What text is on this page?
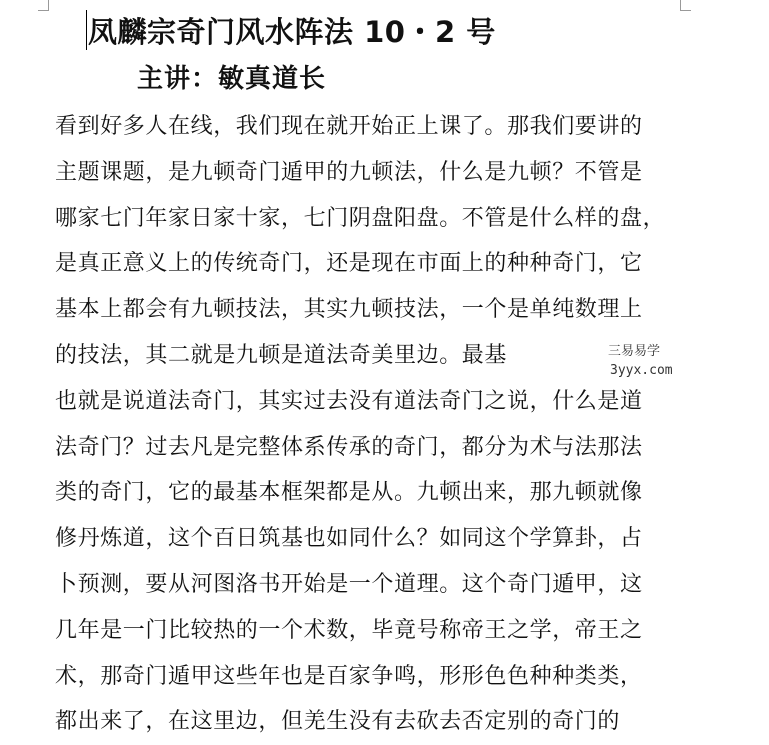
凤麟宗奇门风水阵法 10・2 号
主讲：敏真道长
看到好多人在线，我们现在就开始正上课了。那我们要讲的
主题课题，是九顿奇门遁甲的九顿法，什么是九顿？不管是
哪家七门年家日家十家，七门阴盘阳盘。不管是什么样的盘，
是真正意义上的传统奇门，还是现在市面上的种种奇门，它
基本上都会有九顿技法，其实九顿技法，一个是单纯数理上
的技法，其二就是九顿是道法奇美里边。最基
也就是说道法奇门，其实过去没有道法奇门之说，什么是道
法奇门？过去凡是完整体系传承的奇门，都分为术与法那法
类的奇门，它的最基本框架都是从。九顿出来，那九顿就像
修丹炼道，这个百日筑基也如同什么？如同这个学算卦，占
卜预测，要从河图洛书开始是一个道理。这个奇门遁甲，这
几年是一门比较热的一个术数，毕竟号称帝王之学，帝王之
术，那奇门遁甲这些年也是百家争鸣，形形色色种种类类，
都出来了，在这里边，但羌生没有去砍去否定别的奇门的
三易易学
3yyx.com
